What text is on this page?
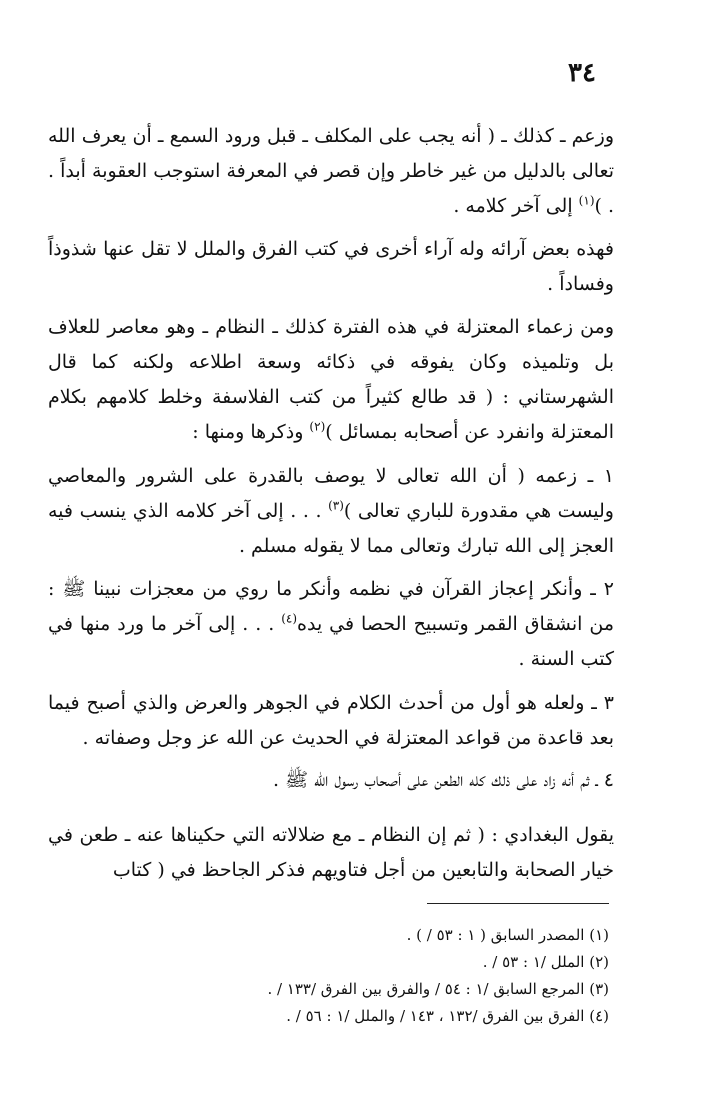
٣٤
وزعم ـ كذلك ـ ( أنه يجب على المكلف ـ قبل ورود السمع ـ أن يعرف الله تعالى بالدليل من غير خاطر وإن قصر في المعرفة استوجب العقوبة أبداً . . )$^{(١)}$ إلى آخر كلامه .
فهذه بعض آرائه وله آراء أخرى في كتب الفرق والملل لا تقل عنها شذوذاً وفساداً .
ومن زعماء المعتزلة في هذه الفترة كذلك ـ النظام ـ وهو معاصر للعلاف بل وتلميذه وكان يفوقه في ذكائه وسعة اطلاعه ولكنه كما قال الشهرستاني : ( قد طالع كثيراً من كتب الفلاسفة وخلط كلامهم بكلام المعتزلة وانفرد عن أصحابه بمسائل )$^{(٢)}$ وذكرها ومنها :
١ ـ زعمه ( أن الله تعالى لا يوصف بالقدرة على الشرور والمعاصي وليست هي مقدورة للباري تعالى )$^{(٣)}$ . . . إلى آخر كلامه الذي ينسب فيه العجز إلى الله تبارك وتعالى مما لا يقوله مسلم .
٢ ـ وأنكر إعجاز القرآن في نظمه وأنكر ما روي من معجزات نبينا ﷺ : من انشقاق القمر وتسبيح الحصا في يده$^{(٤)}$ . . . إلى آخر ما ورد منها في كتب السنة .
٣ ـ ولعله هو أول من أحدث الكلام في الجوهر والعرض والذي أصبح فيما بعد قاعدة من قواعد المعتزلة في الحديث عن الله عز وجل وصفاته .
٤ ـ ثم أنه زاد على ذلك كله الطعن على أصحاب رسول الله ﷺ .
يقول البغدادي : ( ثم إن النظام ـ مع ضلالاته التي حكيناها عنه ـ طعن في خيار الصحابة والتابعين من أجل فتاويهم فذكر الجاحظ في ( كتاب
(١) المصدر السابق ( ١ : ٥٣ / ) .
(٢) الملل /١ : ٥٣ / .
(٣) المرجع السابق /١ : ٥٤ / والفرق بين الفرق /١٣٣ / .
(٤) الفرق بين الفرق /١٣٢ ، ١٤٣ / والملل /١ : ٥٦ / .
